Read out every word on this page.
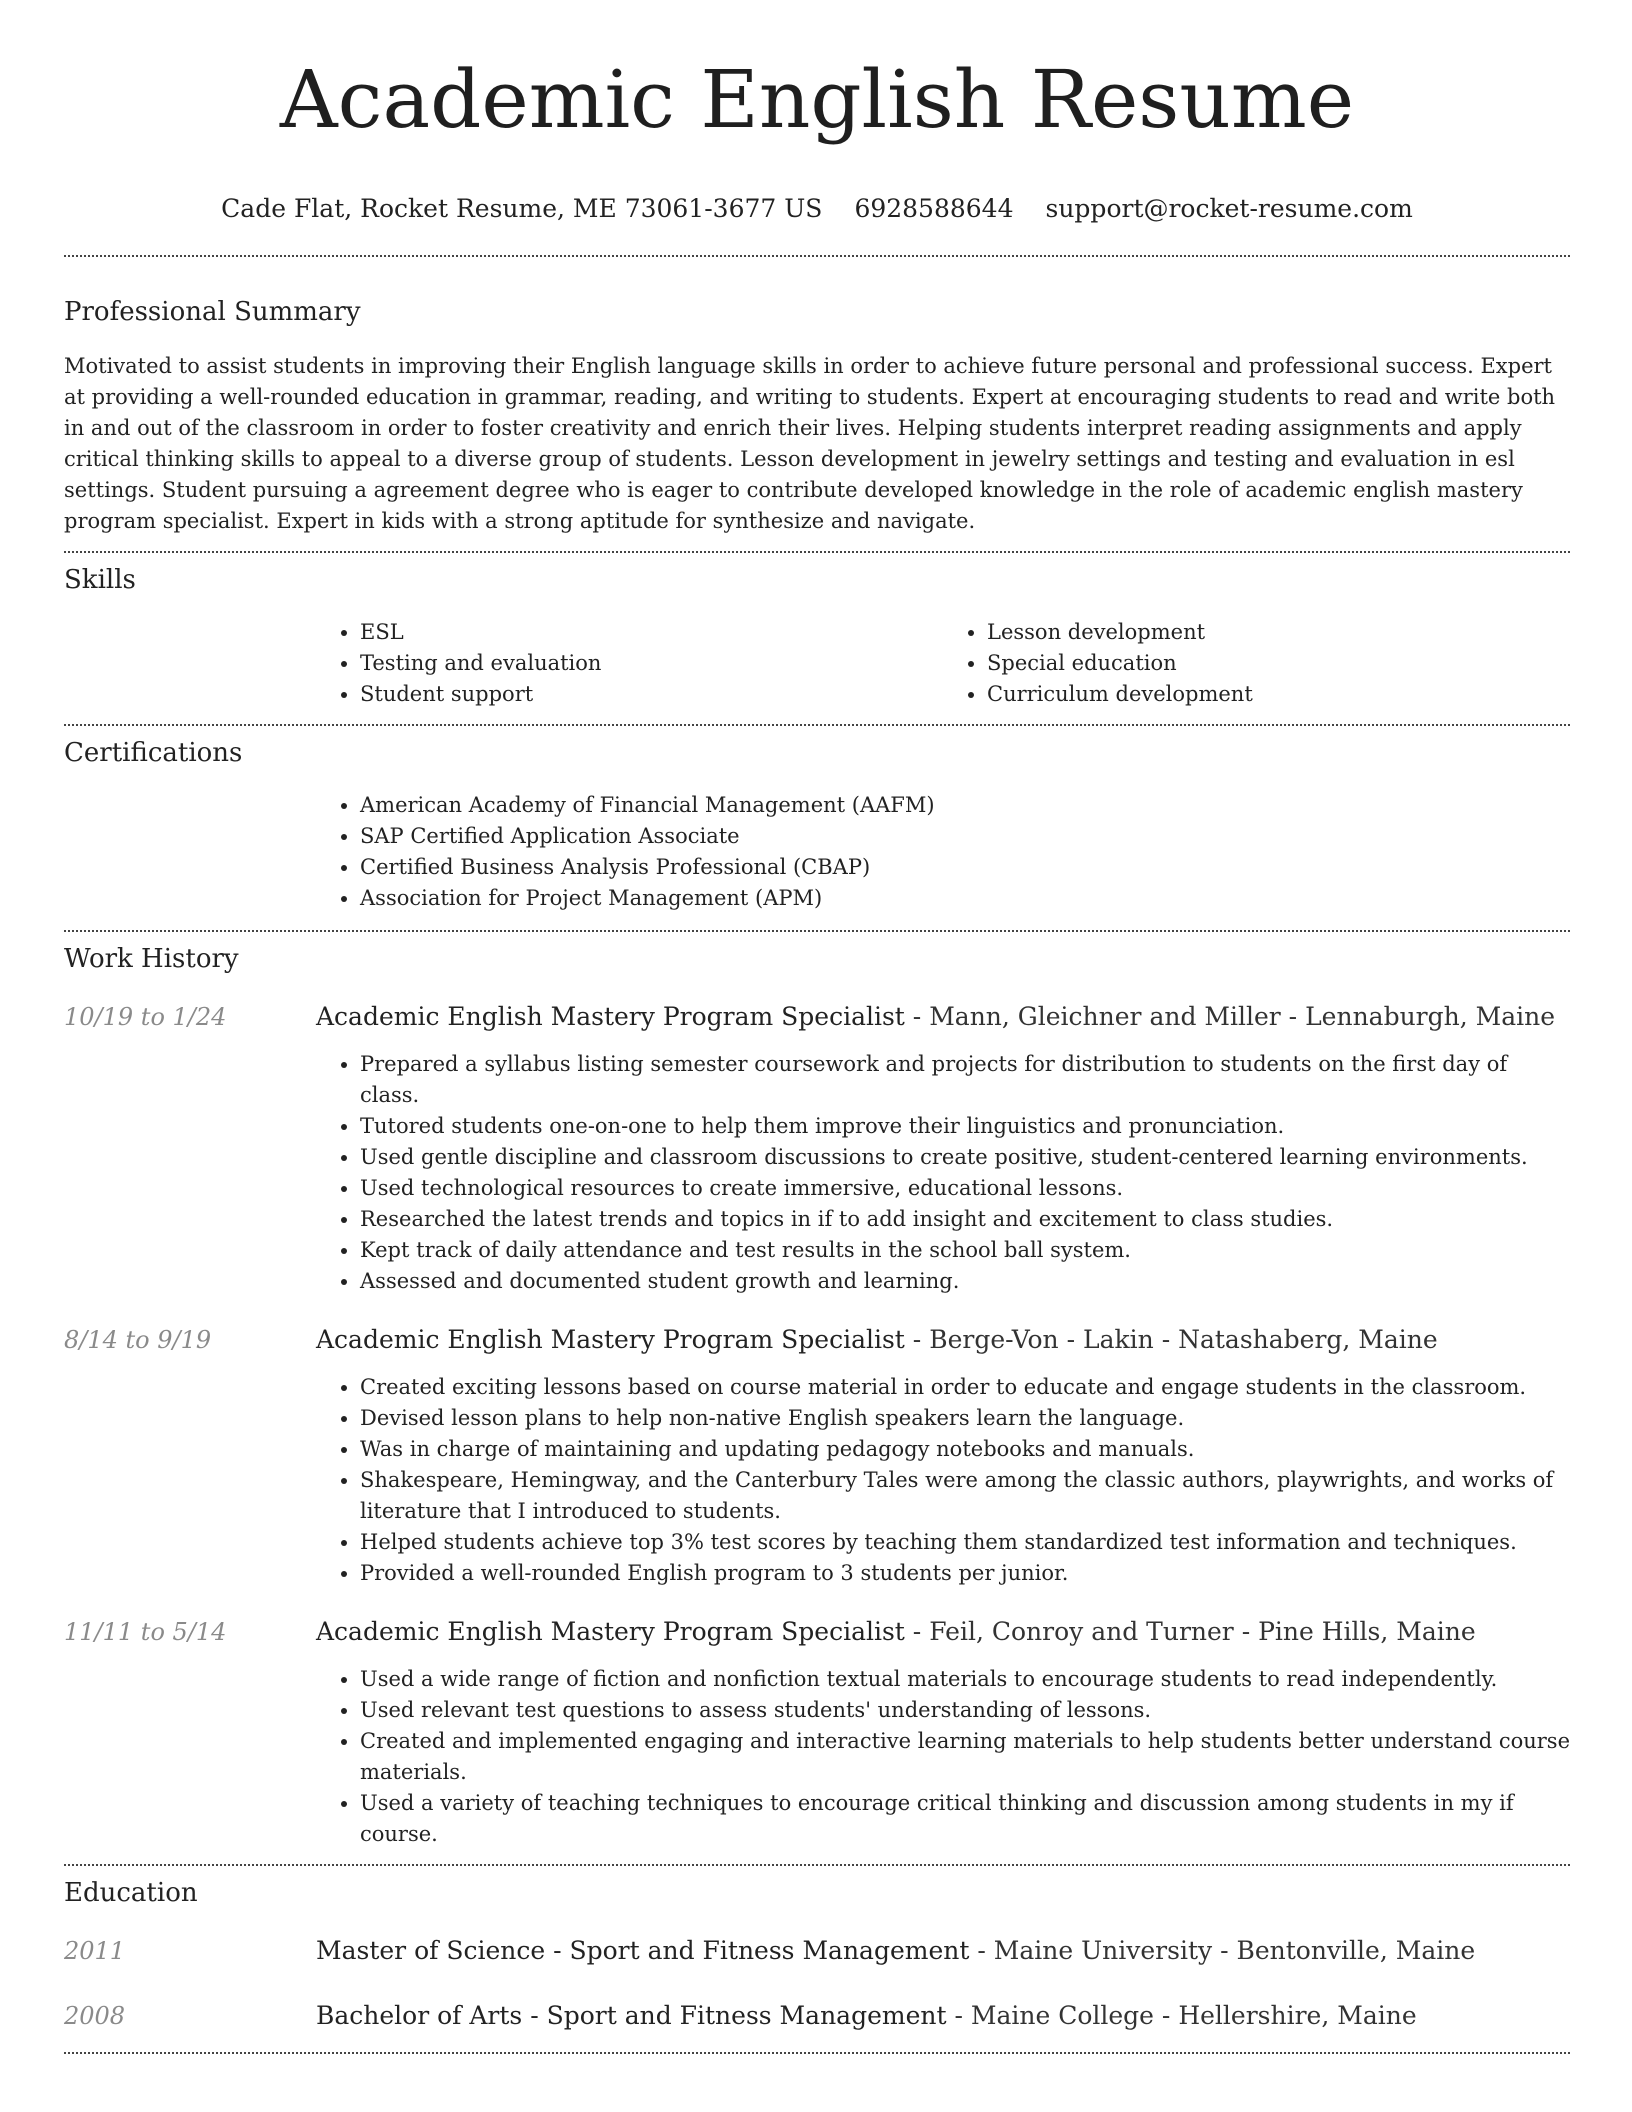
Academic English Resume
Cade Flat, Rocket Resume, ME 73061-3677 US 6928588644 support@rocket-resume.com
Professional Summary

Motivated to assist students in improving their English language skills in order to achieve future personal and professional success. Expert at providing a well-rounded education in grammar, reading, and writing to students. Expert at encouraging students to read and write both in and out of the classroom in order to foster creativity and enrich their lives. Helping students interpret reading assignments and apply critical thinking skills to appeal to a diverse group of students. Lesson development in jewelry settings and testing and evaluation in esl settings. Student pursuing a agreement degree who is eager to contribute developed knowledge in the role of academic english mastery program specialist. Expert in kids with a strong aptitude for synthesize and navigate.

Skills
• ESL
• Testing and evaluation
• Student support
• Lesson development
• Special education
• Curriculum development
Certifications
• American Academy of Financial Management (AAFM)
• SAP Certified Application Associate
• Certified Business Analysis Professional (CBAP)
• Association for Project Management (APM)
Work History
10/19 to 1/24	Academic English Mastery Program Specialist - Mann, Gleichner and Miller - Lennaburgh, Maine
• Prepared a syllabus listing semester coursework and projects for distribution to students on the first day of class.
• Tutored students one-on-one to help them improve their linguistics and pronunciation.
• Used gentle discipline and classroom discussions to create positive, student-centered learning environments.
• Used technological resources to create immersive, educational lessons.
• Researched the latest trends and topics in if to add insight and excitement to class studies.
• Kept track of daily attendance and test results in the school ball system.
• Assessed and documented student growth and learning.
8/14 to 9/19	Academic English Mastery Program Specialist - Berge-Von - Lakin - Natashaberg, Maine
• Created exciting lessons based on course material in order to educate and engage students in the classroom.
• Devised lesson plans to help non-native English speakers learn the language.
• Was in charge of maintaining and updating pedagogy notebooks and manuals.
• Shakespeare, Hemingway, and the Canterbury Tales were among the classic authors, playwrights, and works of literature that I introduced to students.
• Helped students achieve top 3% test scores by teaching them standardized test information and techniques.
• Provided a well-rounded English program to 3 students per junior.
11/11 to 5/14	Academic English Mastery Program Specialist - Feil, Conroy and Turner - Pine Hills, Maine
• Used a wide range of fiction and nonfiction textual materials to encourage students to read independently.
• Used relevant test questions to assess students' understanding of lessons.
• Created and implemented engaging and interactive learning materials to help students better understand course materials.
• Used a variety of teaching techniques to encourage critical thinking and discussion among students in my if course.
Education
2011	Master of Science - Sport and Fitness Management - Maine University - Bentonville, Maine
2008	Bachelor of Arts - Sport and Fitness Management - Maine College - Hellershire, Maine
